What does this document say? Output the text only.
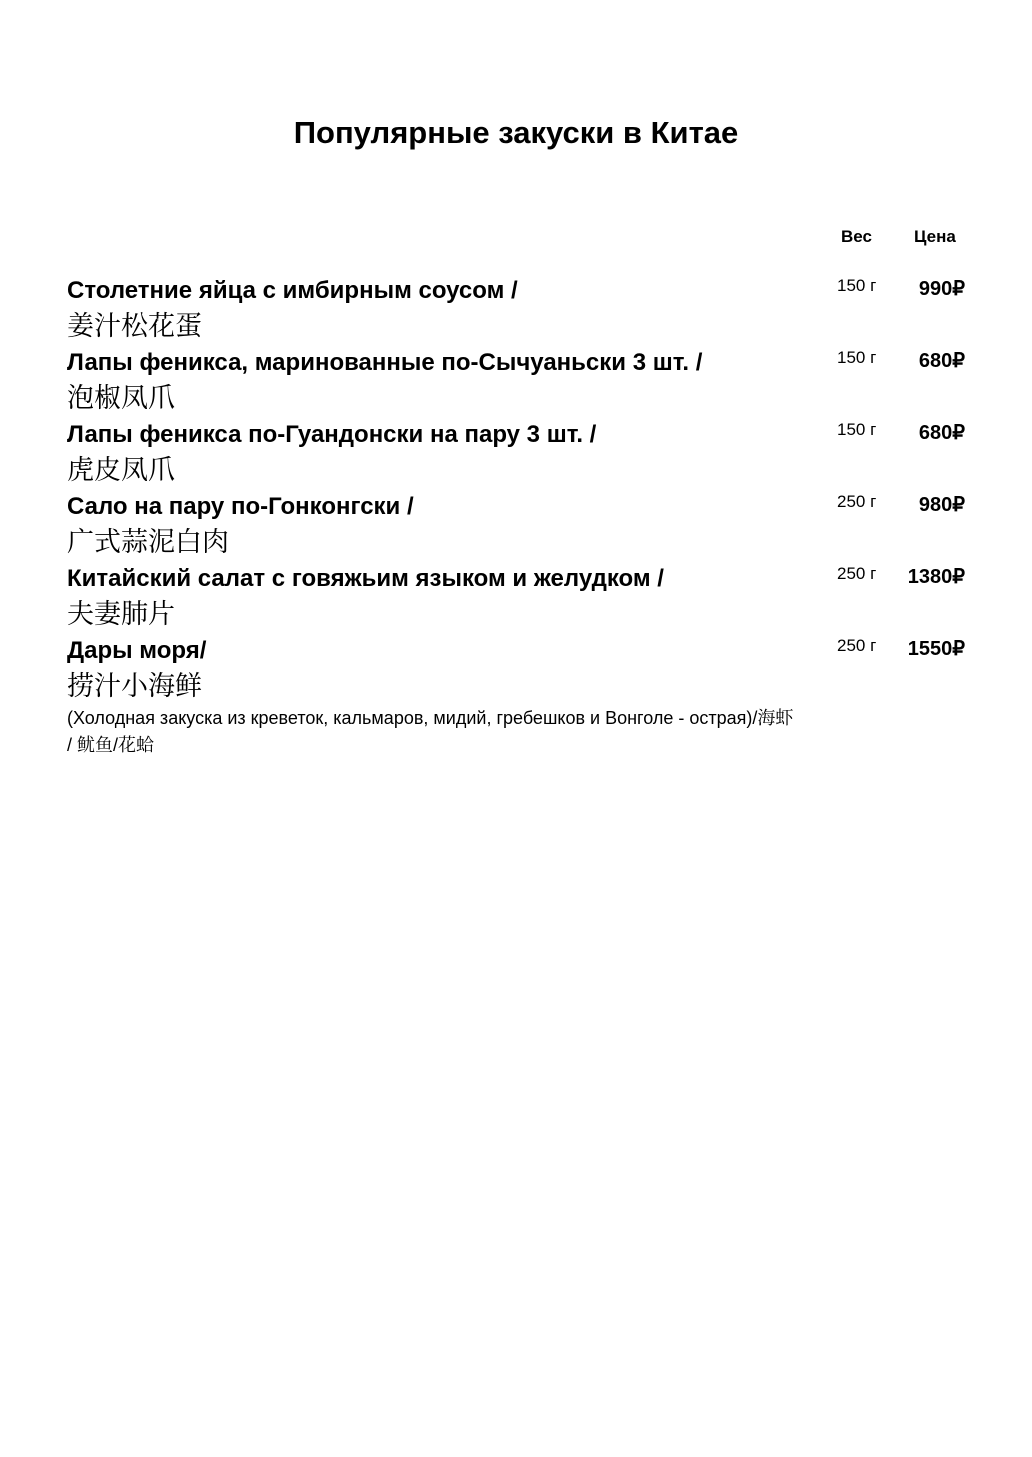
Популярные закуски в Китае
Вес Цена
Столетние яйца с имбирным соусом /
姜汁松花蛋
150 г 990₽
Лапы феникса, маринованные по-Сычуаньски 3 шт. /
泡椒凤爪
150 г 680₽
Лапы феникса по-Гуандонски на пару 3 шт. /
虎皮凤爪
150 г 680₽
Сало на пару по-Гонконгски /
广式蒜泥白肉
250 г 980₽
Китайский салат с говяжьим языком и желудком /
夫妻肺片
250 г 1380₽
Дары моря/
捞汁小海鲜
250 г 1550₽
(Холодная закуска из креветок, кальмаров, мидий, гребешков и Вонголе - острая)/海虾
/ 鱿鱼/花蛤
